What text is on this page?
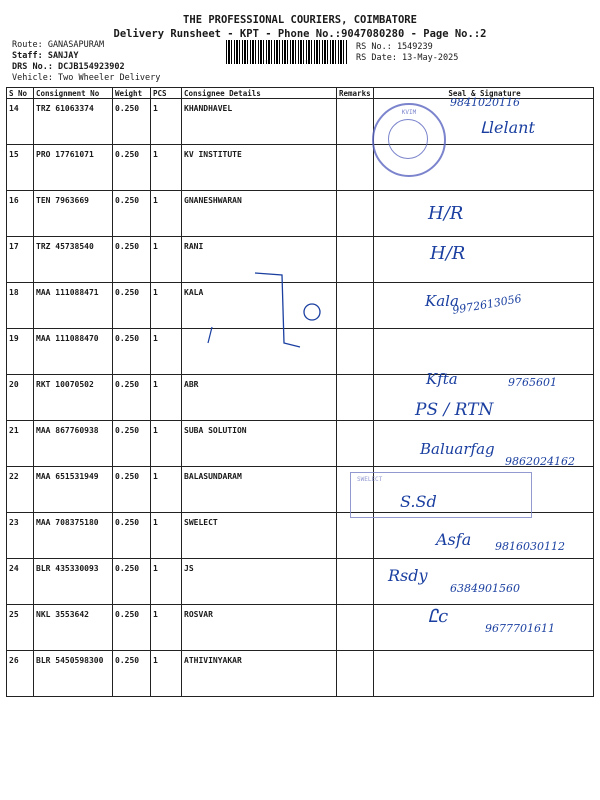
THE PROFESSIONAL COURIERS, COIMBATORE
Delivery Runsheet - KPT - Phone No.:9047080280 - Page No.:2
Route: GANASAPURAM
Staff: SANJAY
DRS No.: DCJB154923902
Vehicle: Two Wheeler Delivery
RS No.: 1549239
RS Date: 13-May-2025
S No	Consignment No	Weight	PCS	Consignee Details	Remarks	Seal & Signature
14	TRZ 61063374	0.250	1	KHANDHAVEL		
15	PRO 17761071	0.250	1	KV INSTITUTE		
16	TEN 7963669	0.250	1	GNANESHWARAN		
17	TRZ 45738540	0.250	1	RANI		
18	MAA 111088471	0.250	1	KALA		
19	MAA 111088470	0.250	1			
20	RKT 10070502	0.250	1	ABR		
21	MAA 867760938	0.250	1	SUBA SOLUTION		
22	MAA 651531949	0.250	1	BALASUNDARAM		
23	MAA 708375180	0.250	1	SWELECT		
24	BLR 435330093	0.250	1	JS		
25	NKL 3553642	0.250	1	ROSVAR		
26	BLR 5450598300	0.250	1	ATHIVINYAKAR		
KVIM
SWELECT
9841020116
ᒪlelant
H/R
H/R
Kala
9972613056
Kfta	9765601
PS / RTN
Baluarfag
9862024162
S.Sd
Asfa 9816030112
Rsdy
6384901560
Ꮭc
9677701611
